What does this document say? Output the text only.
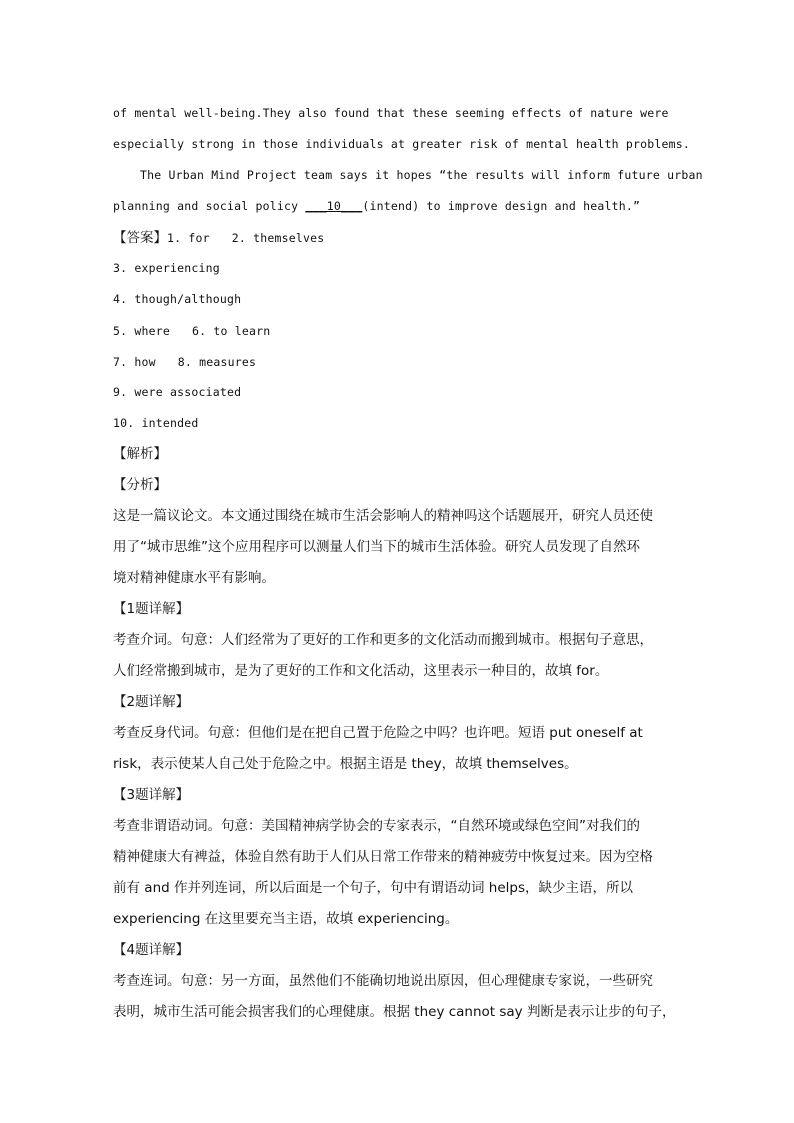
of mental well-being.They also found that these seeming effects of nature were
especially strong in those individuals at greater risk of mental health problems.
The Urban Mind Project team says it hopes “the results will inform future urban
planning and social policy ___10___(intend) to improve design and health.”
【答案】1. for 2. themselves
3. experiencing
4. though/although
5. where 6. to learn
7. how 8. measures
9. were associated
10. intended
【解析】
【分析】
这是一篇议论文。本文通过围绕在城市生活会影响人的精神吗这个话题展开，研究人员还使
用了“城市思维”这个应用程序可以测量人们当下的城市生活体验。研究人员发现了自然环
境对精神健康水平有影响。
【1题详解】
考查介词。句意：人们经常为了更好的工作和更多的文化活动而搬到城市。根据句子意思，
人们经常搬到城市，是为了更好的工作和文化活动，这里表示一种目的，故填 for。
【2题详解】
考查反身代词。句意：但他们是在把自己置于危险之中吗？也许吧。短语 put oneself at
risk，表示使某人自己处于危险之中。根据主语是 they，故填 themselves。
【3题详解】
考查非谓语动词。句意：美国精神病学协会的专家表示，“自然环境或绿色空间”对我们的
精神健康大有裨益，体验自然有助于人们从日常工作带来的精神疲劳中恢复过来。因为空格
前有 and 作并列连词，所以后面是一个句子，句中有谓语动词 helps，缺少主语，所以
experiencing 在这里要充当主语，故填 experiencing。
【4题详解】
考查连词。句意：另一方面，虽然他们不能确切地说出原因，但心理健康专家说，一些研究
表明，城市生活可能会损害我们的心理健康。根据 they cannot say 判断是表示让步的句子，
